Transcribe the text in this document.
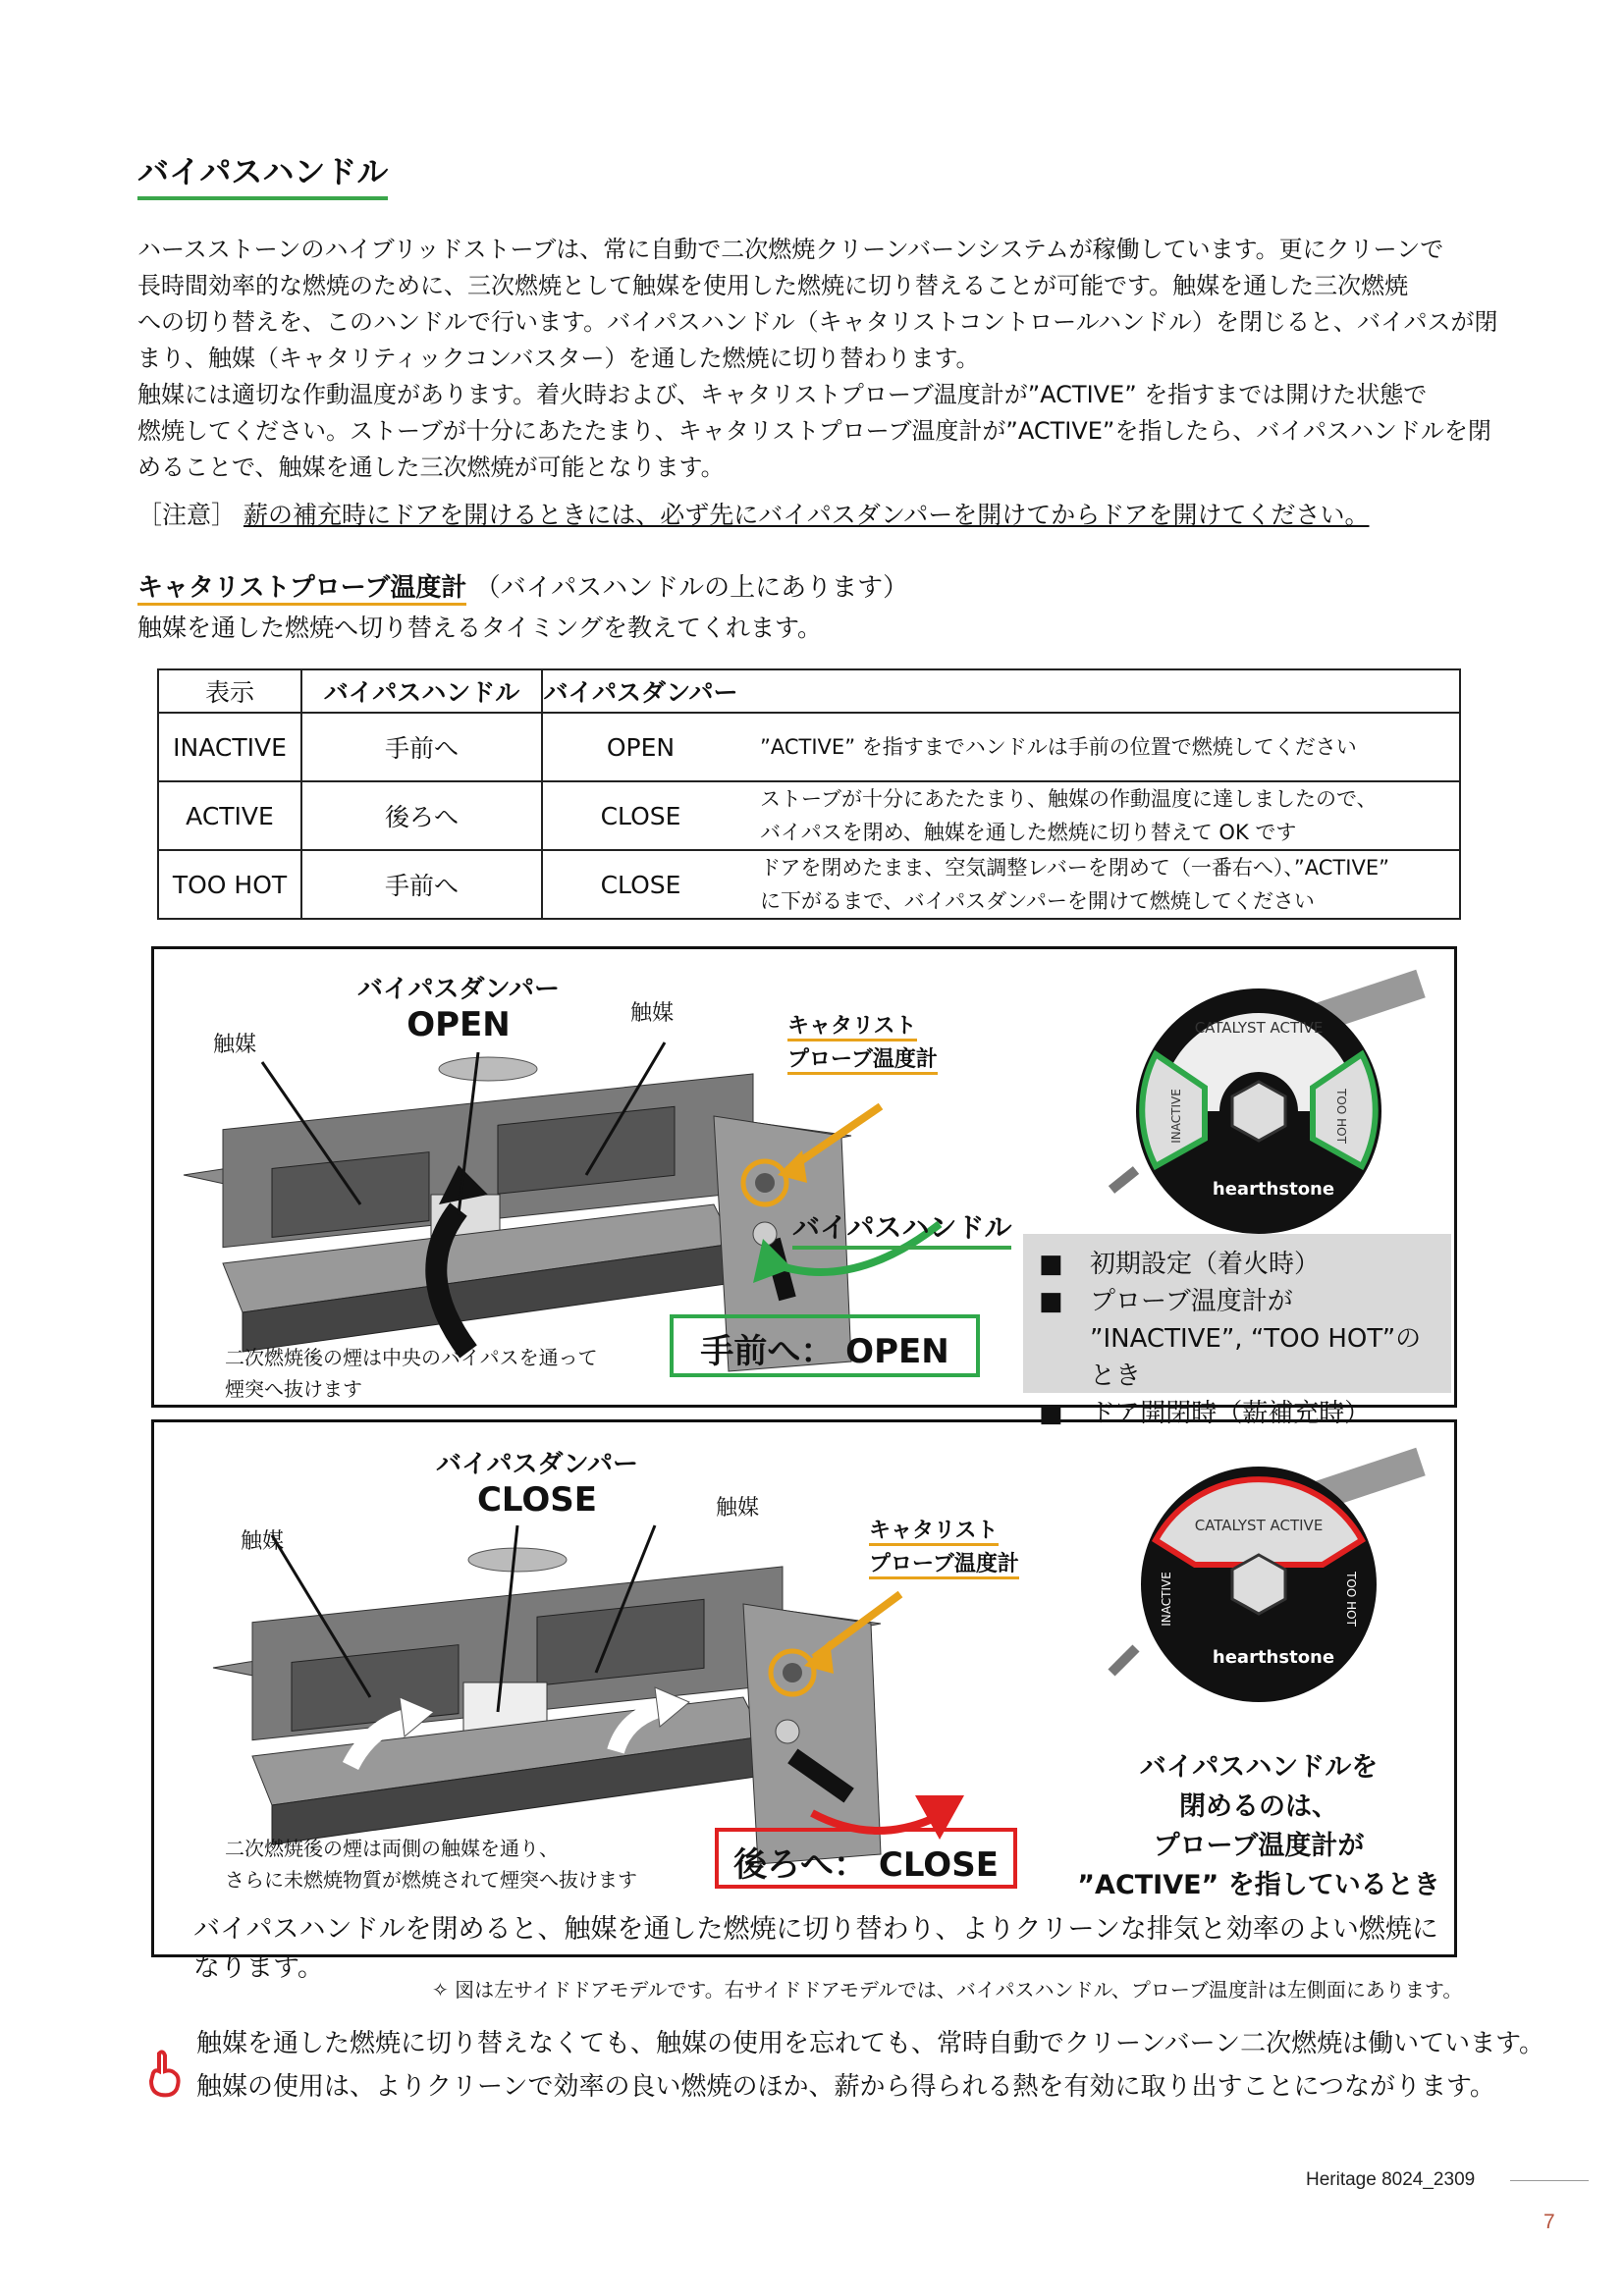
バイパスハンドル
ハースストーンのハイブリッドストーブは、常に自動で二次燃焼クリーンバーンシステムが稼働しています。更にクリーンで
長時間効率的な燃焼のために、三次燃焼として触媒を使用した燃焼に切り替えることが可能です。触媒を通した三次燃焼
への切り替えを、このハンドルで行います。バイパスハンドル（キャタリストコントロールハンドル）を閉じると、バイパスが閉
まり、触媒（キャタリティックコンバスター）を通した燃焼に切り替わります。
触媒には適切な作動温度があります。着火時および、キャタリストプローブ温度計が”ACTIVE” を指すまでは開けた状態で
燃焼してください。ストーブが十分にあたたまり、キャタリストプローブ温度計が”ACTIVE”を指したら、バイパスハンドルを閉
めることで、触媒を通した三次燃焼が可能となります。
［注意］ 薪の補充時にドアを開けるときには、必ず先にバイパスダンパーを開けてからドアを開けてください。
キャタリストプローブ温度計 （バイパスハンドルの上にあります）
触媒を通した燃焼へ切り替えるタイミングを教えてくれます。
表示	バイパスハンドル	バイパスダンパー	
INACTIVE	手前へ	OPEN	”ACTIVE” を指すまでハンドルは手前の位置で燃焼してください

ACTIVE	後ろへ	CLOSE	ストーブが十分にあたたまり、触媒の作動温度に達しましたので、
バイパスを閉め、触媒を通した燃焼に切り替えて OK です

TOO HOT	手前へ	CLOSE	ドアを閉めたまま、空気調整レバーを閉めて（一番右へ）、”ACTIVE”
に下がるまで、バイパスダンパーを開けて燃焼してください
触媒
バイパスダンパー
OPEN	触媒
キャタリスト
プローブ温度計
バイパスハンドル
二次燃焼後の煙は中央のバイパスを通って
煙突へ抜けます
手前へ： OPEN
CATALYST ACTIVE
INACTIVE	TOO HOT
hearthstone
■	初期設定（着火時）
■	プローブ温度計が
”INACTIVE”, “TOO HOT”のとき
■	ドア開閉時（薪補充時）
触媒
バイパスダンパー
CLOSE	触媒
キャタリスト
プローブ温度計
二次燃焼後の煙は両側の触媒を通り、
さらに未燃焼物質が燃焼されて煙突へ抜けます	後ろへ： CLOSE
CATALYST ACTIVE
INACTIVE	TOO HOT
hearthstone
バイパスハンドルを
閉めるのは、
プローブ温度計が
”ACTIVE” を指しているとき
バイパスハンドルを閉めると、触媒を通した燃焼に切り替わり、よりクリーンな排気と効率のよい燃焼になります。
✧ 図は左サイドドアモデルです。右サイドドアモデルでは、バイパスハンドル、プローブ温度計は左側面にあります。
触媒を通した燃焼に切り替えなくても、触媒の使用を忘れても、常時自動でクリーンバーン二次燃焼は働いています。
触媒の使用は、よりクリーンで効率の良い燃焼のほか、薪から得られる熱を有効に取り出すことにつながります。
Heritage 8024_2309
7
